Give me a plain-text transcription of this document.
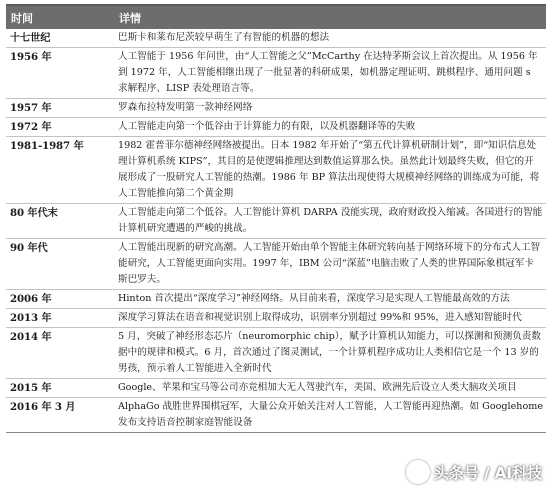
时间	详情
十七世纪	巴斯卡和莱布尼茨较早萌生了有智能的机器的想法
1956 年	人工智能于 1956 年问世，由“人工智能之父”McCarthy 在达特茅斯会议上首次提出。从 1956 年到 1972 年，人工智能相继出现了一批显著的科研成果，如机器定理证明、跳棋程序、通用问题 s 求解程序、LISP 表处理语言等。
1957 年	罗森布拉特发明第一款神经网络
1972 年	人工智能走向第一个低谷由于计算能力的有限，以及机器翻译等的失败
1981-1987 年	1982 霍普菲尔德神经网络被提出。日本 1982 年开始了“第五代计算机研制计划”，即“知识信息处理计算机系统 KIPS”，其目的是使逻辑推理达到数值运算那么快。虽然此计划最终失败，但它的开展形成了一股研究人工智能的热潮。1986 年 BP 算法出现使得大规模神经网络的训练成为可能，将人工智能推向第二个黄金期
80 年代末	人工智能走向第二个低谷。人工智能计算机 DARPA 没能实现，政府财政投入缩减。各国进行的智能计算机研究遭遇的严峻的挑战。
90 年代	人工智能出现新的研究高潮。人工智能开始由单个智能主体研究转向基于网络环境下的分布式人工智能研究，人工智能更面向实用。1997 年，IBM 公司“深蓝”电脑击败了人类的世界国际象棋冠军卡斯巴罗夫。
2006 年	Hinton 首次提出“深度学习”神经网络。从目前来看，深度学习是实现人工智能最高效的方法
2013 年	深度学习算法在语音和视觉识别上取得成功，识别率分别超过 99%和 95%，进入感知智能时代
2014 年	5 月，突破了神经形态芯片（neuromorphic chip），赋予计算机认知能力，可以探测和预测负责数据中的规律和模式。6 月，首次通过了图灵测试，一个计算机程序成功让人类相信它是一个 13 岁的男孩，预示着人工智能进入全新时代
2015 年	Google、苹果和宝马等公司亦竞相加大无人驾驶汽车，美国、欧洲先后设立人类大脑攻关项目
2016 年 3 月	AlphaGo 战胜世界围棋冠军，大量公众开始关注对人工智能，人工智能再迎热潮。如 Googlehome 发布支持语音控制家庭智能设备
头条号 / AI科技
